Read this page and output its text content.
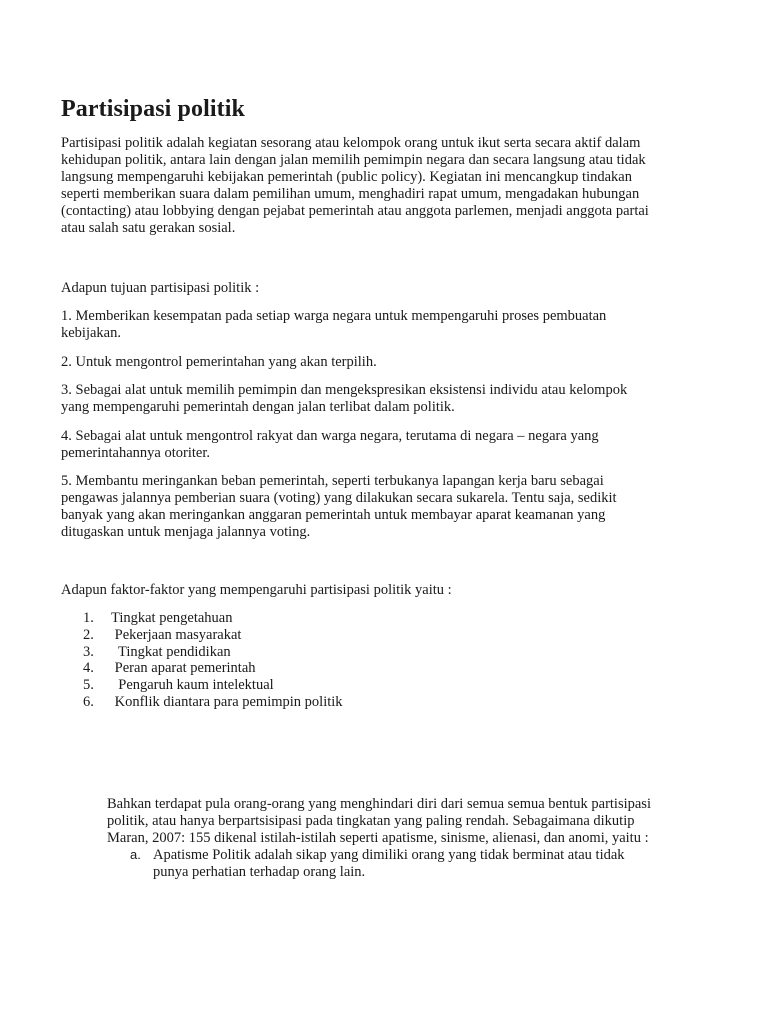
Partisipasi politik

Partisipasi politik adalah kegiatan sesorang atau kelompok orang untuk ikut serta secara aktif dalam
kehidupan politik, antara lain dengan jalan memilih pemimpin negara dan secara langsung atau tidak
langsung mempengaruhi kebijakan pemerintah (public policy). Kegiatan ini mencangkup tindakan
seperti memberikan suara dalam pemilihan umum, menghadiri rapat umum, mengadakan hubungan
(contacting) atau lobbying dengan pejabat pemerintah atau anggota parlemen, menjadi anggota partai
atau salah satu gerakan sosial.

Adapun tujuan partisipasi politik :

1. Memberikan kesempatan pada setiap warga negara untuk mempengaruhi proses pembuatan
kebijakan.

2. Untuk mengontrol pemerintahan yang akan terpilih.

3. Sebagai alat untuk memilih pemimpin dan mengekspresikan eksistensi individu atau kelompok
yang mempengaruhi pemerintah dengan jalan terlibat dalam politik.

4. Sebagai alat untuk mengontrol rakyat dan warga negara, terutama di negara – negara yang
pemerintahannya otoriter.

5. Membantu meringankan beban pemerintah, seperti terbukanya lapangan kerja baru sebagai
pengawas jalannya pemberian suara (voting) yang dilakukan secara sukarela. Tentu saja, sedikit
banyak yang akan meringankan anggaran pemerintah untuk membayar aparat keamanan yang
ditugaskan untuk menjaga jalannya voting.

Adapun faktor-faktor yang mempengaruhi partisipasi politik yaitu :

1. Tingkat pengetahuan
2. Pekerjaan masyarakat
3.  Tingkat pendidikan
4. Peran aparat pemerintah
5.  Pengaruh kaum intelektual
6. Konflik diantara para pemimpin politik
Bahkan terdapat pula orang-orang yang menghindari diri dari semua semua bentuk partisipasi
politik, atau hanya berpartsisipasi pada tingkatan yang paling rendah. Sebagaimana dikutip
Maran, 2007: 155 dikenal istilah-istilah seperti apatisme, sinisme, alienasi, dan anomi, yaitu :
a. Apatisme Politik adalah sikap yang dimiliki orang yang tidak berminat atau tidak
punya perhatian terhadap orang lain.
